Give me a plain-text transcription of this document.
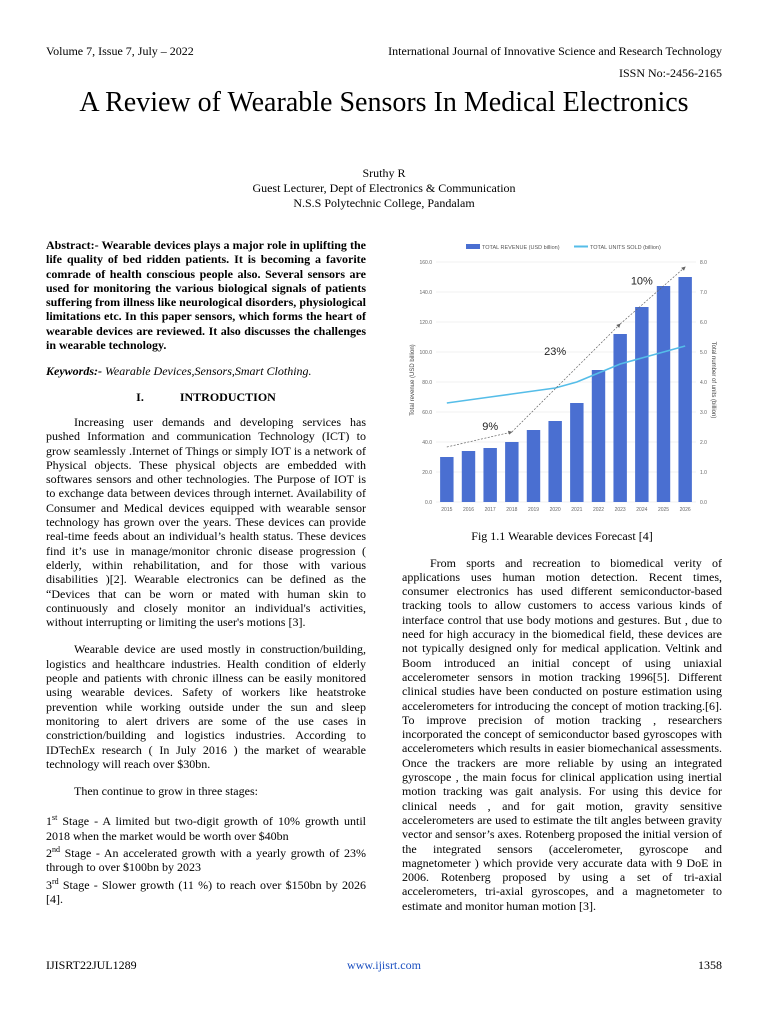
Volume 7, Issue 7, July – 2022	International Journal of Innovative Science and Research Technology
ISSN No:-2456-2165
A Review of Wearable Sensors In Medical Electronics
Sruthy R
Guest Lecturer, Dept of Electronics & Communication
N.S.S Polytechnic College, Pandalam

Abstract:- Wearable devices plays a major role in uplifting the life quality of bed ridden patients. It is becoming a favorite comrade of health conscious people also. Several sensors are used for monitoring the various biological signals of patients suffering from illness like neurological disorders, physiological limitations etc. In this paper sensors, which forms the heart of wearable devices are reviewed. It also discusses the challenges in wearable technology.

Keywords:- Wearable Devices,Sensors,Smart Clothing.

I.	INTRODUCTION

Increasing user demands and developing services has pushed Information and communication Technology (ICT) to grow seamlessly .Internet of Things or simply IOT is a network of Physical objects. These physical objects are embedded with softwares sensors and other technologies. The Purpose of IOT is to exchange data between devices through internet. Availability of Consumer and Medical devices equipped with wearable sensor technology has grown over the years. These devices can provide real-time feeds about an individual’s health status. These devices find it’s use in manage/monitor chronic disease progression ( elderly, within rehabilitation, and for those with various disabilities )[2]. Wearable electronics can be defined as the “Devices that can be worn or mated with human skin to continuously and closely monitor an individual's activities, without interrupting or limiting the user's motions [3].

Wearable device are used mostly in construction/building, logistics and healthcare industries. Health condition of elderly people and patients with chronic illness can be easily monitored using wearable devices. Safety of workers like heatstroke prevention while working outside under the sun and sleep monitoring to alert drivers are some of the use cases in constriction/building and logistics industries. According to IDTechEx research ( In July 2016 ) the market of wearable technology will reach over $30bn.

Then continue to grow in three stages:

1st Stage - A limited but two-digit growth of 10% growth until 2018 when the market would be worth over $40bn

2nd Stage - An accelerated growth with a yearly growth of 23% through to over $100bn by 2023

3rd Stage - Slower growth (11 %) to reach over $150bn by 2026 [4].

TOTAL REVENUE (USD billion)	TOTAL UNITS SOLD (billion)
9%
23%
10%
0.0
20.0
40.0
60.0
80.0
100.0
120.0
140.0
160.0
0.0
1.0
2.0
3.0
4.0
5.0
6.0
7.0
8.0
2015 2016 2017 2018 2019 2020 2021 2022 2023 2024 2025 2026
Total revenue (USD billion)	Total number of units (billion)
Fig 1.1 Wearable devices Forecast [4]

From sports and recreation to biomedical verity of applications uses human motion detection. Recent times, consumer electronics has used different semiconductor-based tracking tools to allow customers to access various kinds of interface control that use body motions and gestures. But , due to need for high accuracy in the biomedical field, these devices are not typically designed only for medical application. Veltink and Boom introduced an initial concept of using uniaxial accelerometer sensors in motion tracking 1996[5]. Different clinical studies have been conducted on posture estimation using accelerometers for introducing the concept of motion tracking.[6]. To improve precision of motion tracking , researchers incorporated the concept of semiconductor based gyroscopes with accelerometers which results in easier biomechanical assessments. Once the trackers are more reliable by using an integrated gyroscope , the main focus for clinical application using inertial motion tracking was gait analysis. For using this device for clinical needs , and for gait motion, gravity sensitive accelerometers are used to estimate the tilt angles between gravity vector and sensor’s axes. Rotenberg proposed the initial version of the integrated sensors (accelerometer, gyroscope and magnetometer ) which provide very accurate data with 9 DoE in 2006. Rotenberg proposed by using a set of tri-axial accelerometers, tri-axial gyroscopes, and a magnetometer to estimate and monitor human motion [3].

IJISRT22JUL1289	www.ijisrt.com	1358
